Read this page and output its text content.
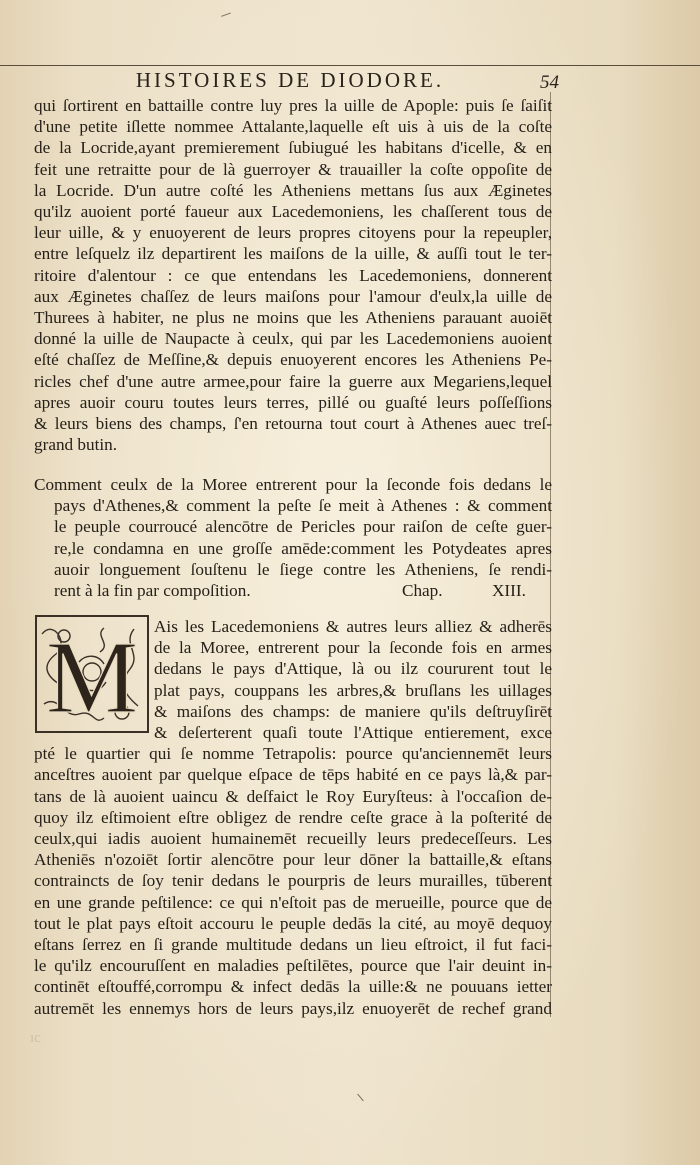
HISTOIRES DE DIODORE.	54
qui ſortirent en battaille contre luy pres la uille de Apople: puis ſe ſaiſit
d'une petite iſlette nommee Attalante,laquelle eſt uis à uis de la coſte
de la Locride,ayant premierement ſubiugué les habitans d'icelle, & en
feit une retraitte pour de là guerroyer & trauailler la coſte oppoſite de
la Locride. D'un autre coſté les Atheniens mettans ſus aux Æginetes
qu'ilz auoient porté faueur aux Lacedemoniens, les chaſſerent tous de
leur uille, & y enuoyerent de leurs propres citoyens pour la repeupler,
entre leſquelz ilz departirent les maiſons de la uille, & auſſi tout le ter-
ritoire d'alentour : ce que entendans les Lacedemoniens, donnerent
aux Æginetes chaſſez de leurs maiſons pour l'amour d'eulx,la uille de
Thurees à habiter, ne plus ne moins que les Atheniens parauant auoiēt
donné la uille de Naupacte à ceulx, qui par les Lacedemoniens auoient
eſté chaſſez de Meſſine,& depuis enuoyerent encores les Atheniens Pe-
ricles chef d'une autre armee,pour faire la guerre aux Megariens,lequel
apres auoir couru toutes leurs terres, pillé ou guaſté leurs poſſeſſions
& leurs biens des champs, ſ'en retourna tout court à Athenes auec treſ-
grand butin.
Comment ceulx de la Moree entrerent pour la ſeconde fois dedans le
pays d'Athenes,& comment la peſte ſe meit à Athenes : & comment
le peuple courroucé alencōtre de Pericles pour raiſon de ceſte guer-
re,le condamna en une groſſe amēde:comment les Potydeates apres
auoir longuement ſouſtenu le ſiege contre les Atheniens, ſe rendi-
rent à la fin par compoſition.	Chap.	XIII.
M Ais les Lacedemoniens & autres leurs alliez & adherēs
de la Moree, entrerent pour la ſeconde fois en armes
dedans le pays d'Attique, là ou ilz coururent tout le
plat pays, couppans les arbres,& bruſlans les uillages
& maiſons des champs: de maniere qu'ils deſtruyſirēt
& deſerterent quaſi toute l'Attique entierement, exce
pté le quartier qui ſe nomme Tetrapolis: pource qu'anciennemēt leurs
anceſtres auoient par quelque eſpace de tēps habité en ce pays là,& par-
tans de là auoient uaincu & deſfaict le Roy Euryſteus: à l'occaſion de-
quoy ilz eſtimoient eſtre obligez de rendre ceſte grace à la poſterité de
ceulx,qui iadis auoient humainemēt recueilly leurs predeceſſeurs. Les
Atheniēs n'ozoiēt ſortir alencōtre pour leur dōner la battaille,& eſtans
contraincts de ſoy tenir dedans le pourpris de leurs murailles, tūberent
en une grande peſtilence: ce qui n'eſtoit pas de merueille, pource que de
tout le plat pays eſtoit accouru le peuple dedās la cité, au moyē dequoy
eſtans ſerrez en ſi grande multitude dedans un lieu eſtroict, il fut faci-
le qu'ilz encouruſſent en maladies peſtilētes, pource que l'air deuint in-
continēt eſtouffé,corrompu & infect dedās la uille:& ne pouuans ietter
autremēt les ennemys hors de leurs pays,ilz enuoyerēt de rechef grand
ıc
